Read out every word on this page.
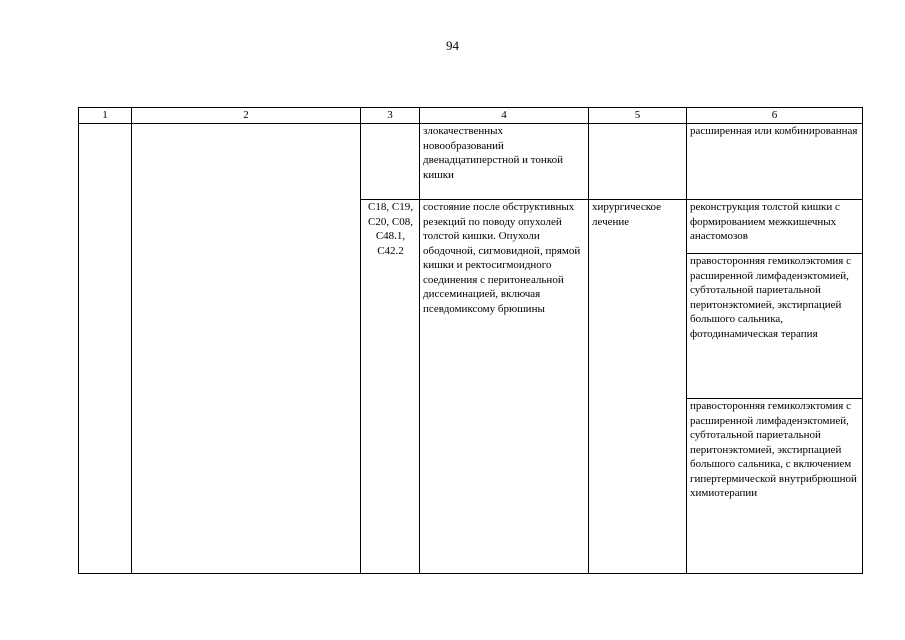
94
1	2	3	4	5	6
			злокачественных новообразований двенадцатиперстной и тонкой кишки		расширенная или комбинированная
		C18, C19, C20, C08, C48.1, C42.2	состояние после обструктивных резекций по поводу опухолей толстой кишки. Опухоли ободочной, сигмовидной, прямой кишки и ректосигмоидного соединения с перитонеальной диссеминацией, включая псевдомиксому брюшины	хирургическое лечение	реконструкция толстой кишки с формированием межкишечных анастомозов
					правосторонняя гемиколэктомия с расширенной лимфаденэктомией, субтотальной париетальной перитонэктомией, экстирпацией большого сальника, фотодинамическая терапия
					правосторонняя гемиколэктомия с расширенной лимфаденэктомией, субтотальной париетальной перитонэктомией, экстирпацией большого сальника, с включением гипертермической внутрибрюшной химиотерапии
